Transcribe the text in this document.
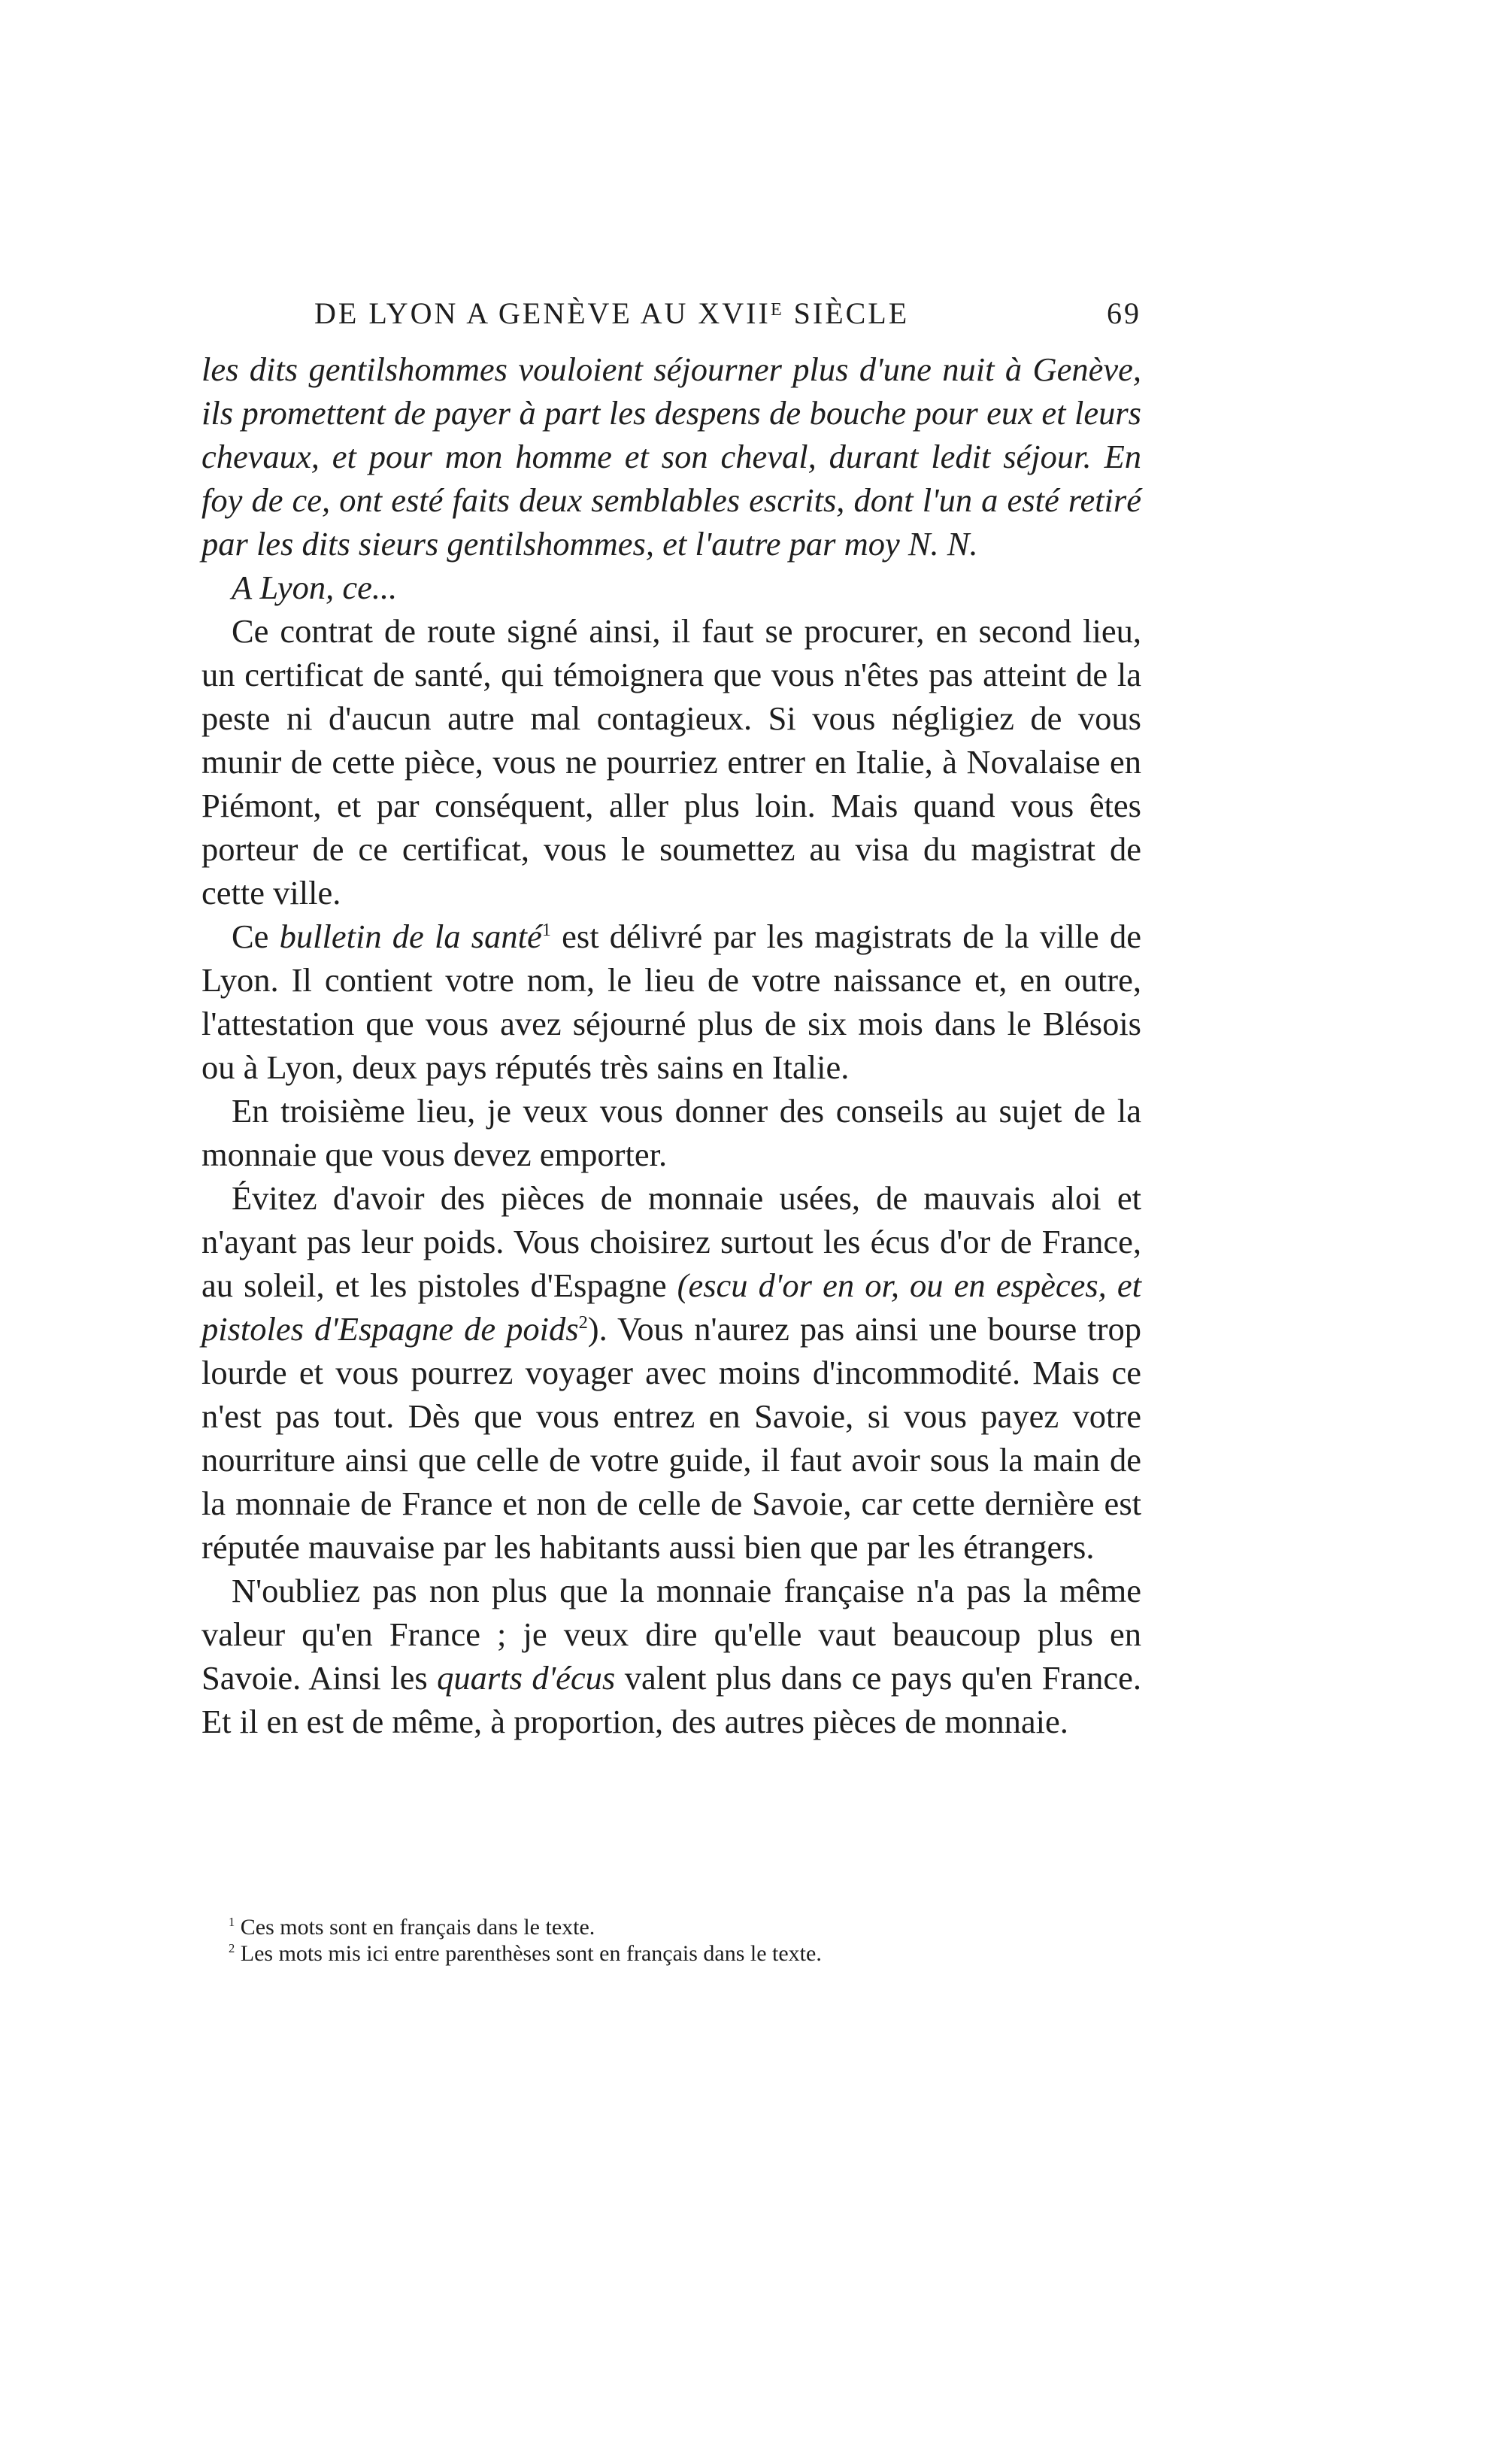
DE LYON A GENÈVE AU XVIIᴱ SIÈCLE	69

les dits gentilshommes vouloient séjourner plus d'une nuit à Genève, ils promettent de payer à part les despens de bouche pour eux et leurs chevaux, et pour mon homme et son cheval, durant ledit séjour. En foy de ce, ont esté faits deux semblables escrits, dont l'un a esté retiré par les dits sieurs gentilshommes, et l'autre par moy N. N.

A Lyon, ce...

Ce contrat de route signé ainsi, il faut se procurer, en second lieu, un certificat de santé, qui témoignera que vous n'êtes pas atteint de la peste ni d'aucun autre mal contagieux. Si vous négligiez de vous munir de cette pièce, vous ne pourriez entrer en Italie, à Novalaise en Piémont, et par conséquent, aller plus loin. Mais quand vous êtes porteur de ce certificat, vous le soumettez au visa du magistrat de cette ville.

Ce bulletin de la santé$^1$ est délivré par les magistrats de la ville de Lyon. Il contient votre nom, le lieu de votre naissance et, en outre, l'attestation que vous avez séjourné plus de six mois dans le Blésois ou à Lyon, deux pays réputés très sains en Italie.

En troisième lieu, je veux vous donner des conseils au sujet de la monnaie que vous devez emporter.

Évitez d'avoir des pièces de monnaie usées, de mauvais aloi et n'ayant pas leur poids. Vous choisirez surtout les écus d'or de France, au soleil, et les pistoles d'Espagne (escu d'or en or, ou en espèces, et pistoles d'Espagne de poids$^2$). Vous n'aurez pas ainsi une bourse trop lourde et vous pourrez voyager avec moins d'incommodité. Mais ce n'est pas tout. Dès que vous entrez en Savoie, si vous payez votre nourriture ainsi que celle de votre guide, il faut avoir sous la main de la monnaie de France et non de celle de Savoie, car cette dernière est réputée mauvaise par les habitants aussi bien que par les étrangers.

N'oubliez pas non plus que la monnaie française n'a pas la même valeur qu'en France ; je veux dire qu'elle vaut beaucoup plus en Savoie. Ainsi les quarts d'écus valent plus dans ce pays qu'en France. Et il en est de même, à proportion, des autres pièces de monnaie.

$^1$ Ces mots sont en français dans le texte.

$^2$ Les mots mis ici entre parenthèses sont en français dans le texte.
